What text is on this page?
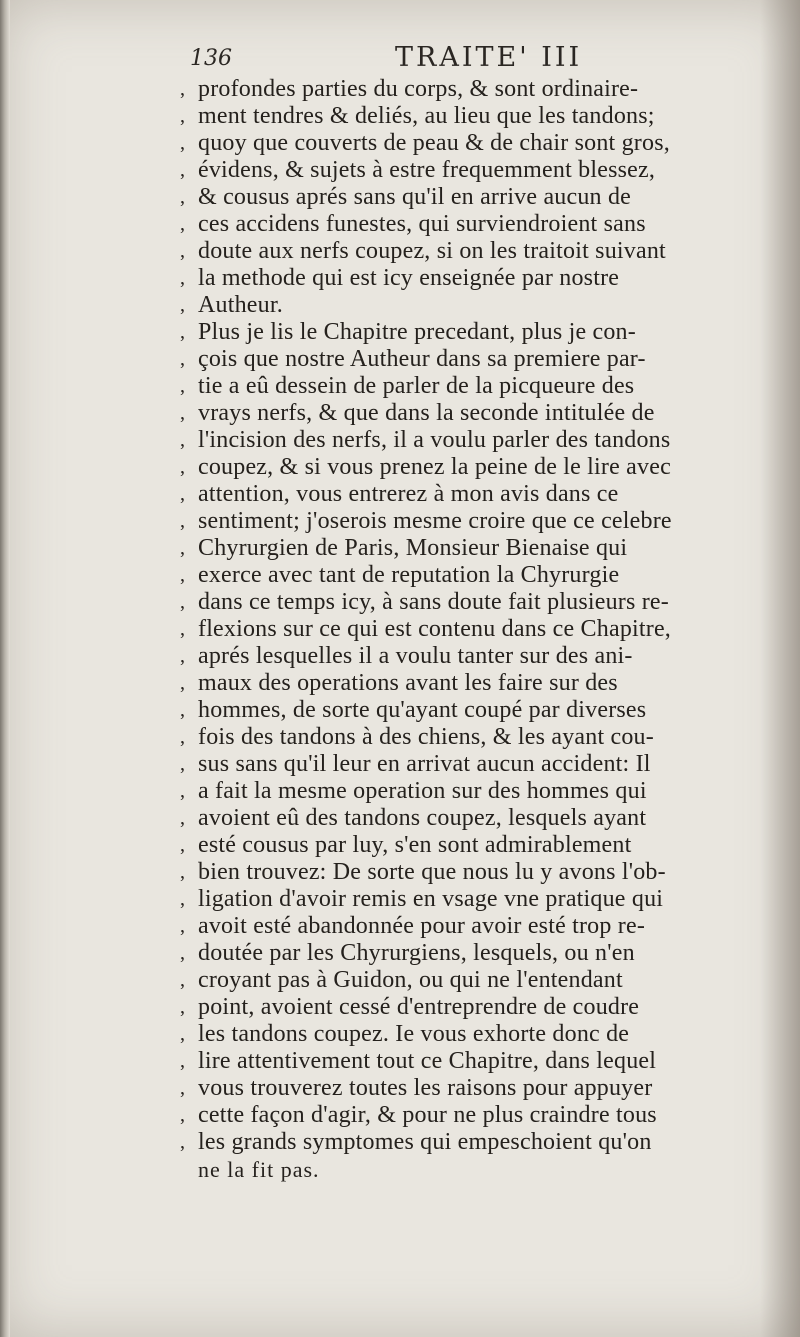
136	TRAITE' III
, profondes parties du corps, & sont ordinaire-
, ment tendres & deliés, au lieu que les tandons;
, quoy que couverts de peau & de chair sont gros,
, évidens, & sujets à estre frequemment blessez,
, & cousus aprés sans qu'il en arrive aucun de
, ces accidens funestes, qui surviendroient sans
, doute aux nerfs coupez, si on les traitoit suivant
, la methode qui est icy enseignée par nostre
, Autheur.
, Plus je lis le Chapitre precedant, plus je con-
, çois que nostre Autheur dans sa premiere par-
, tie a eû dessein de parler de la picqueure des
, vrays nerfs, & que dans la seconde intitulée de
, l'incision des nerfs, il a voulu parler des tandons
, coupez, & si vous prenez la peine de le lire avec
, attention, vous entrerez à mon avis dans ce
, sentiment; j'oserois mesme croire que ce celebre
, Chyrurgien de Paris, Monsieur Bienaise qui
, exerce avec tant de reputation la Chyrurgie
, dans ce temps icy, à sans doute fait plusieurs re-
, flexions sur ce qui est contenu dans ce Chapitre,
, aprés lesquelles il a voulu tanter sur des ani-
, maux des operations avant les faire sur des
, hommes, de sorte qu'ayant coupé par diverses
, fois des tandons à des chiens, & les ayant cou-
, sus sans qu'il leur en arrivat aucun accident: Il
, a fait la mesme operation sur des hommes qui
, avoient eû des tandons coupez, lesquels ayant
, esté cousus par luy, s'en sont admirablement
, bien trouvez: De sorte que nous lu y avons l'ob-
, ligation d'avoir remis en vsage vne pratique qui
, avoit esté abandonnée pour avoir esté trop re-
, doutée par les Chyrurgiens, lesquels, ou n'en
, croyant pas à Guidon, ou qui ne l'entendant
, point, avoient cessé d'entreprendre de coudre
, les tandons coupez. Ie vous exhorte donc de
, lire attentivement tout ce Chapitre, dans lequel
, vous trouverez toutes les raisons pour appuyer
, cette façon d'agir, & pour ne plus craindre tous
, les grands symptomes qui empeschoient qu'on
ne la fit pas.
